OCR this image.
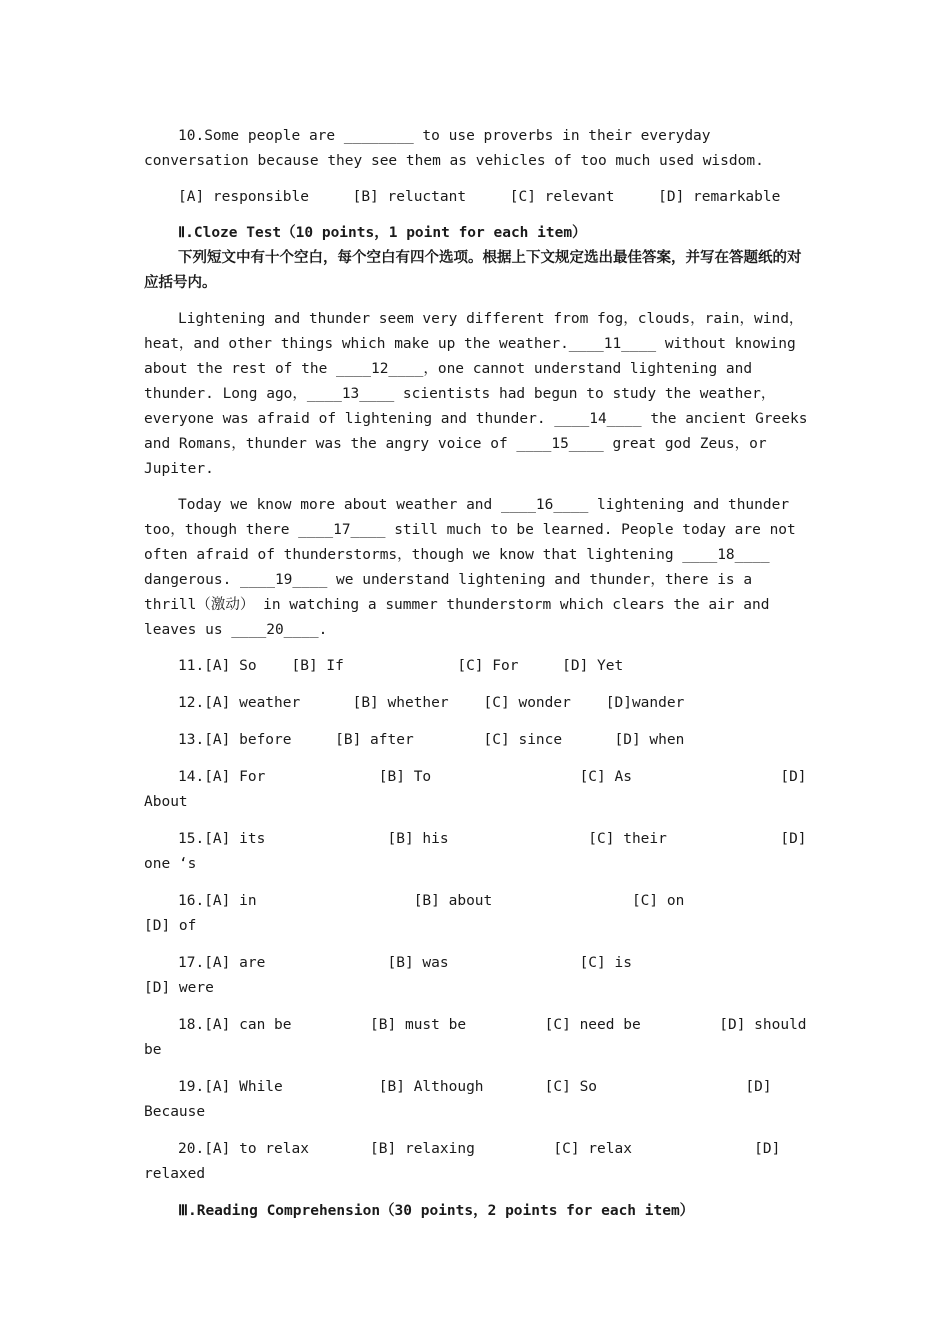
10.Some people are ________ to use proverbs in their everyday conversation because they see them as vehicles of too much used wisdom.

[A] responsible     [B] reluctant     [C] relevant     [D] remarkable

Ⅱ.Cloze Test（10 points，1 point for each item）

下列短文中有十个空白，每个空白有四个选项。根据上下文规定选出最佳答案，并写在答题纸的对应括号内。

Lightening and thunder seem very different from fog，clouds，rain，wind，heat，and other things which make up the weather.____11____ without knowing about the rest of the ____12____，one cannot understand lightening and thunder. Long ago，____13____ scientists had begun to study the weather，everyone was afraid of lightening and thunder. ____14____ the ancient Greeks and Romans，thunder was the angry voice of ____15____ great god Zeus，or Jupiter.

Today we know more about weather and ____16____ lightening and thunder too，though there ____17____ still much to be learned. People today are not often afraid of thunderstorms，though we know that lightening ____18____ dangerous. ____19____ we understand lightening and thunder，there is a thrill（激动） in watching a summer thunderstorm which clears the air and leaves us ____20____.

11.[A] So    [B] If             [C] For     [D] Yet

12.[A] weather      [B] whether    [C] wonder    [D]wander

13.[A] before     [B] after        [C] since      [D] when

14.[A] For             [B] To                 [C] As                 [D] About

15.[A] its              [B] his                [C] their             [D] one ‘s

16.[A] in                  [B] about                [C] on                        [D] of

17.[A] are              [B] was               [C] is                   [D] were

18.[A] can be         [B] must be         [C] need be         [D] should be

19.[A] While           [B] Although       [C] So                 [D] Because

20.[A] to relax       [B] relaxing         [C] relax              [D] relaxed

Ⅲ.Reading Comprehension（30 points，2 points for each item）
